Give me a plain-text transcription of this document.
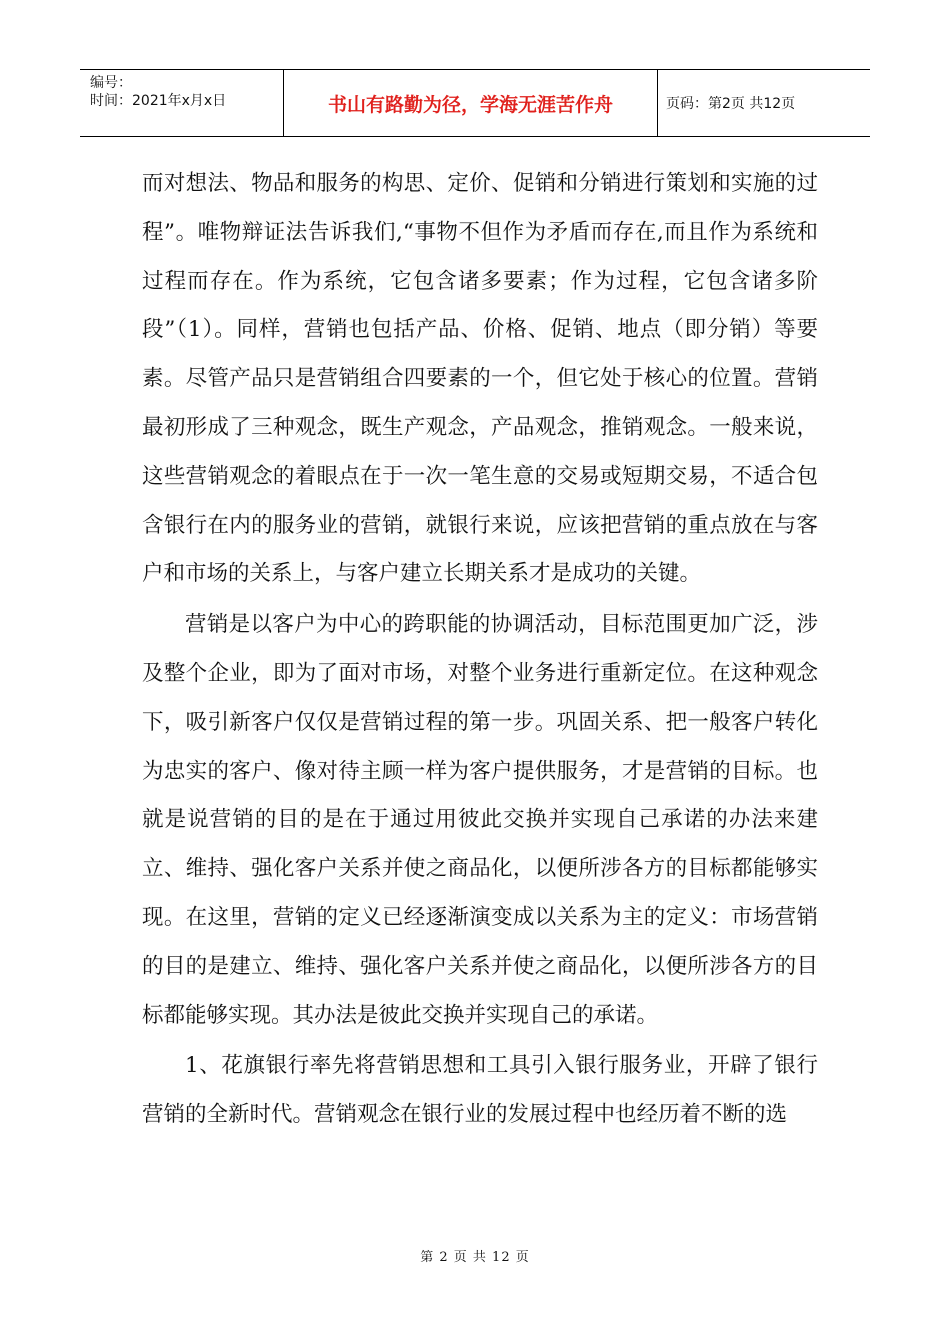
编号：
时间：2021年x月x日	书山有路勤为径，学海无涯苦作舟	页码：第2页 共12页

而对想法、物品和服务的构思、定价、促销和分销进行策划和实施的过程”。唯物辩证法告诉我们,“事物不但作为矛盾而存在,而且作为系统和过程而存在。作为系统，它包含诸多要素；作为过程，它包含诸多阶段”（1）。同样，营销也包括产品、价格、促销、地点（即分销）等要素。尽管产品只是营销组合四要素的一个，但它处于核心的位置。营销最初形成了三种观念，既生产观念，产品观念，推销观念。一般来说，这些营销观念的着眼点在于一次一笔生意的交易或短期交易，不适合包含银行在内的服务业的营销，就银行来说，应该把营销的重点放在与客户和市场的关系上，与客户建立长期关系才是成功的关键。

营销是以客户为中心的跨职能的协调活动，目标范围更加广泛，涉及整个企业，即为了面对市场，对整个业务进行重新定位。在这种观念下，吸引新客户仅仅是营销过程的第一步。巩固关系、把一般客户转化为忠实的客户、像对待主顾一样为客户提供服务，才是营销的目标。也就是说营销的目的是在于通过用彼此交换并实现自己承诺的办法来建立、维持、强化客户关系并使之商品化，以便所涉各方的目标都能够实现。在这里，营销的定义已经逐渐演变成以关系为主的定义：市场营销的目的是建立、维持、强化客户关系并使之商品化，以便所涉各方的目标都能够实现。其办法是彼此交换并实现自己的承诺。

1、花旗银行率先将营销思想和工具引入银行服务业，开辟了银行营销的全新时代。营销观念在银行业的发展过程中也经历着不断的选

第 2 页 共 12 页
